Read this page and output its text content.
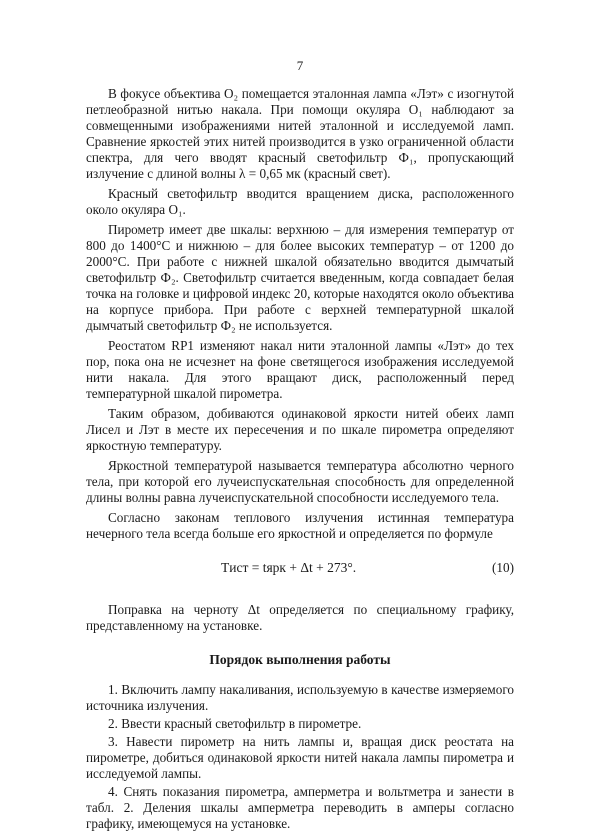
7

В фокусе объектива О₂ помещается эталонная лампа «Лэт» с изогнутой петлеобразной нитью накала. При помощи окуляра О₁ наблюдают за совмещенными изображениями нитей эталонной и исследуемой ламп. Сравнение яркостей этих нитей производится в узко ограниченной области спектра, для чего вводят красный светофильтр Ф₁, пропускающий излучение с длиной волны λ = 0,65 мк (красный свет).

Красный светофильтр вводится вращением диска, расположенного около окуляра О₁.

Пирометр имеет две шкалы: верхнюю – для измерения температур от 800 до 1400°С и нижнюю – для более высоких температур – от 1200 до 2000°С. При работе с нижней шкалой обязательно вводится дымчатый светофильтр Ф₂. Светофильтр считается введенным, когда совпадает белая точка на головке и цифровой индекс 20, которые находятся около объектива на корпусе прибора. При работе с верхней температурной шкалой дымчатый светофильтр Ф₂ не используется.

Реостатом RP1 изменяют накал нити эталонной лампы «Лэт» до тех пор, пока она не исчезнет на фоне светящегося изображения исследуемой нити накала. Для этого вращают диск, расположенный перед температурной шкалой пирометра.

Таким образом, добиваются одинаковой яркости нитей обеих ламп Лисел и Лэт в месте их пересечения и по шкале пирометра определяют яркостную температуру.

Яркостной температурой называется температура абсолютно черного тела, при которой его лучеиспускательная способность для определенной длины волны равна лучеиспускательной способности исследуемого тела.

Согласно законам теплового излучения истинная температура нечерного тела всегда больше его яркостной и определяется по формуле

Tист = tярк + Δt + 273°.	(10)

Поправка на черноту Δt определяется по специальному графику, представленному на установке.

Порядок выполнения работы

1. Включить лампу накаливания, используемую в качестве измеряемого источника излучения.

2. Ввести красный светофильтр в пирометре.

3. Навести пирометр на нить лампы и, вращая диск реостата на пирометре, добиться одинаковой яркости нитей накала лампы пирометра и исследуемой лампы.

4. Снять показания пирометра, амперметра и вольтметра и занести в табл. 2. Деления шкалы амперметра переводить в амперы согласно графику, имеющемуся на установке.
